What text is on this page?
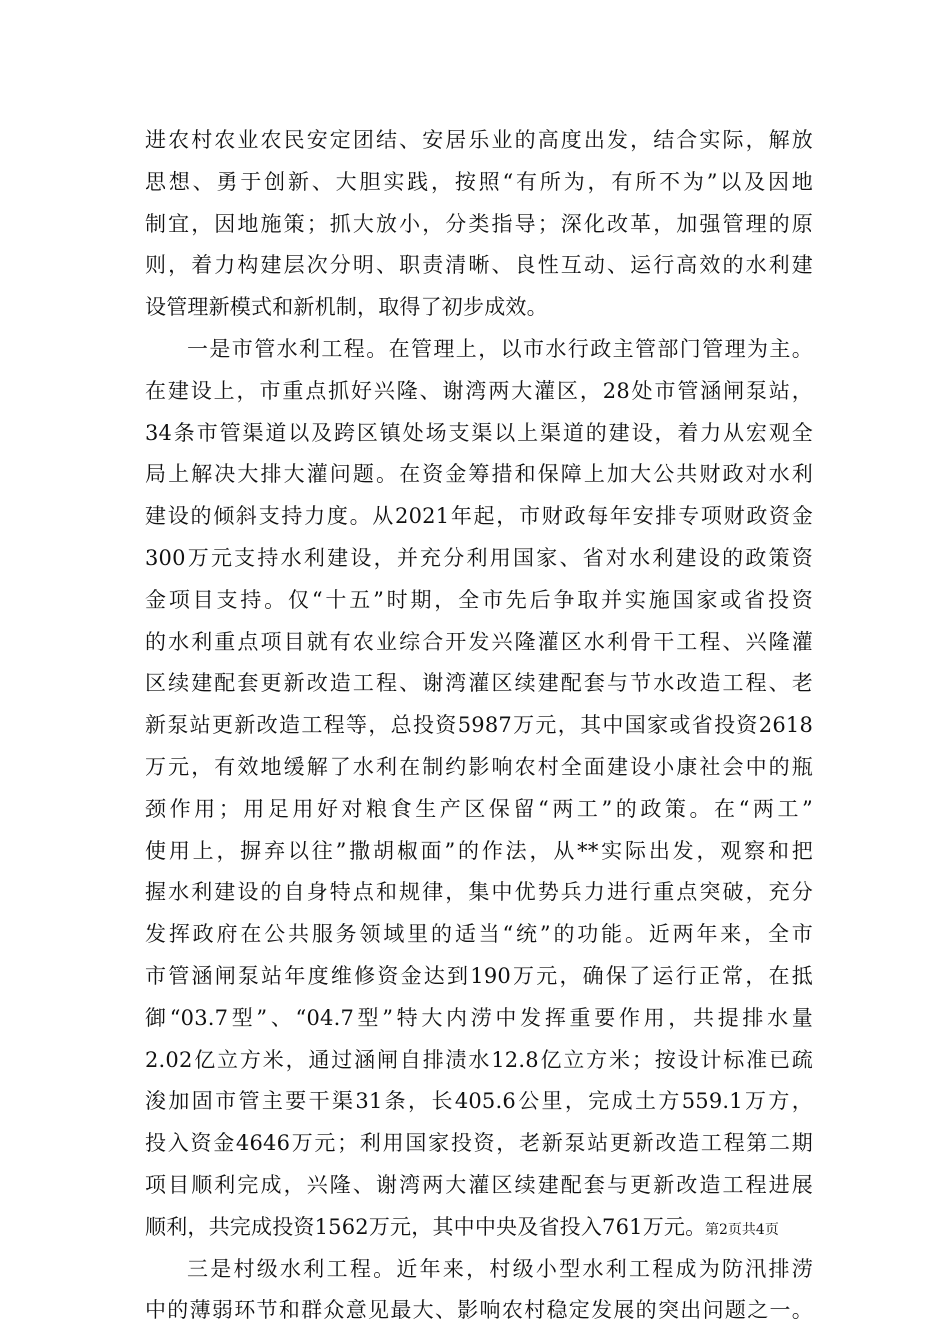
进农村农业农民安定团结、安居乐业的高度出发，结合实际，解放
思想、勇于创新、大胆实践，按照“有所为，有所不为”以及因地
制宜，因地施策；抓大放小，分类指导；深化改革，加强管理的原
则，着力构建层次分明、职责清晰、良性互动、运行高效的水利建
设管理新模式和新机制，取得了初步成效。
一是市管水利工程。在管理上，以市水行政主管部门管理为主。
在建设上，市重点抓好兴隆、谢湾两大灌区，28处市管涵闸泵站，
34条市管渠道以及跨区镇处场支渠以上渠道的建设，着力从宏观全
局上解决大排大灌问题。在资金筹措和保障上加大公共财政对水利
建设的倾斜支持力度。从2021年起，市财政每年安排专项财政资金
300万元支持水利建设，并充分利用国家、省对水利建设的政策资
金项目支持。仅“十五”时期，全市先后争取并实施国家或省投资
的水利重点项目就有农业综合开发兴隆灌区水利骨干工程、兴隆灌
区续建配套更新改造工程、谢湾灌区续建配套与节水改造工程、老
新泵站更新改造工程等，总投资5987万元，其中国家或省投资2618
万元，有效地缓解了水利在制约影响农村全面建设小康社会中的瓶
颈作用；用足用好对粮食生产区保留“两工”的政策。在“两工”
使用上，摒弃以往”撒胡椒面”的作法，从**实际出发，观察和把
握水利建设的自身特点和规律，集中优势兵力进行重点突破，充分
发挥政府在公共服务领域里的适当“统”的功能。近两年来，全市
市管涵闸泵站年度维修资金达到190万元，确保了运行正常，在抵
御“03.7型”、“04.7型”特大内涝中发挥重要作用，共提排水量
2.02亿立方米，通过涵闸自排渍水12.8亿立方米；按设计标准已疏
浚加固市管主要干渠31条，长405.6公里，完成土方559.1万方，
投入资金4646万元；利用国家投资，老新泵站更新改造工程第二期
项目顺利完成，兴隆、谢湾两大灌区续建配套与更新改造工程进展
顺利，共完成投资1562万元，其中中央及省投入761万元。
三是村级水利工程。近年来，村级小型水利工程成为防汛排涝
中的薄弱环节和群众意见最大、影响农村稳定发展的突出问题之一。
第2页共4页
